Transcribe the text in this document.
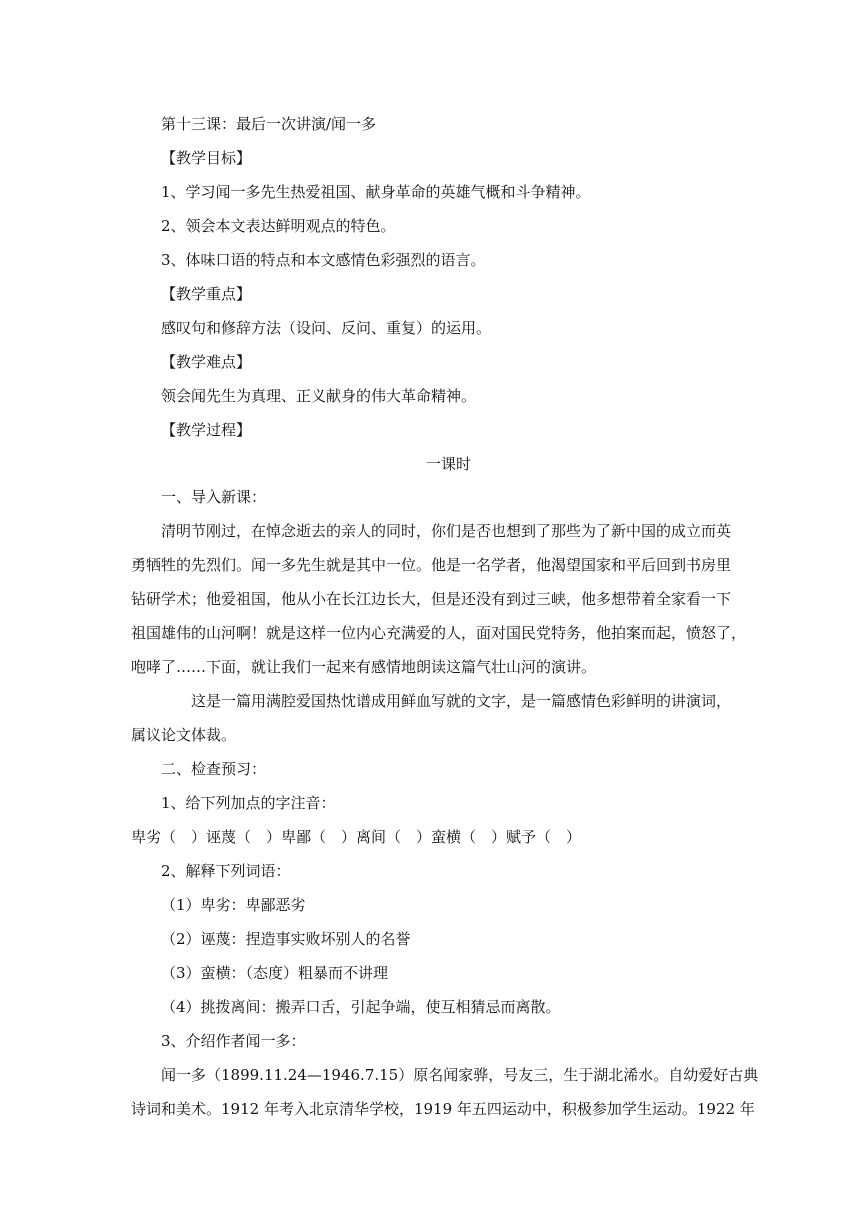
第十三课：最后一次讲演/闻一多
【教学目标】
1、学习闻一多先生热爱祖国、献身革命的英雄气概和斗争精神。
2、领会本文表达鲜明观点的特色。
3、体味口语的特点和本文感情色彩强烈的语言。
【教学重点】
感叹句和修辞方法（设问、反问、重复）的运用。
【教学难点】
领会闻先生为真理、正义献身的伟大革命精神。
【教学过程】
一课时
一、导入新课：
清明节刚过，在悼念逝去的亲人的同时，你们是否也想到了那些为了新中国的成立而英
勇牺牲的先烈们。闻一多先生就是其中一位。他是一名学者，他渴望国家和平后回到书房里
钻研学术；他爱祖国，他从小在长江边长大，但是还没有到过三峡，他多想带着全家看一下
祖国雄伟的山河啊！就是这样一位内心充满爱的人，面对国民党特务，他拍案而起，愤怒了，
咆哮了……下面，就让我们一起来有感情地朗读这篇气壮山河的演讲。
这是一篇用满腔爱国热忱谱成用鲜血写就的文字，是一篇感情色彩鲜明的讲演词，
属议论文体裁。
二、检查预习：
1、给下列加点的字注音：
卑劣（　）诬蔑（　）卑鄙（　）离间（　）蛮横（　）赋予（　）
2、解释下列词语：
（1）卑劣：卑鄙恶劣
（2）诬蔑：捏造事实败坏别人的名誉
（3）蛮横：（态度）粗暴而不讲理
（4）挑拨离间：搬弄口舌，引起争端，使互相猜忌而离散。
3、介绍作者闻一多：
闻一多（1899.11.24—1946.7.15）原名闻家骅，号友三，生于湖北浠水。自幼爱好古典
诗词和美术。1912 年考入北京清华学校，1919 年五四运动中，积极参加学生运动。1922 年
